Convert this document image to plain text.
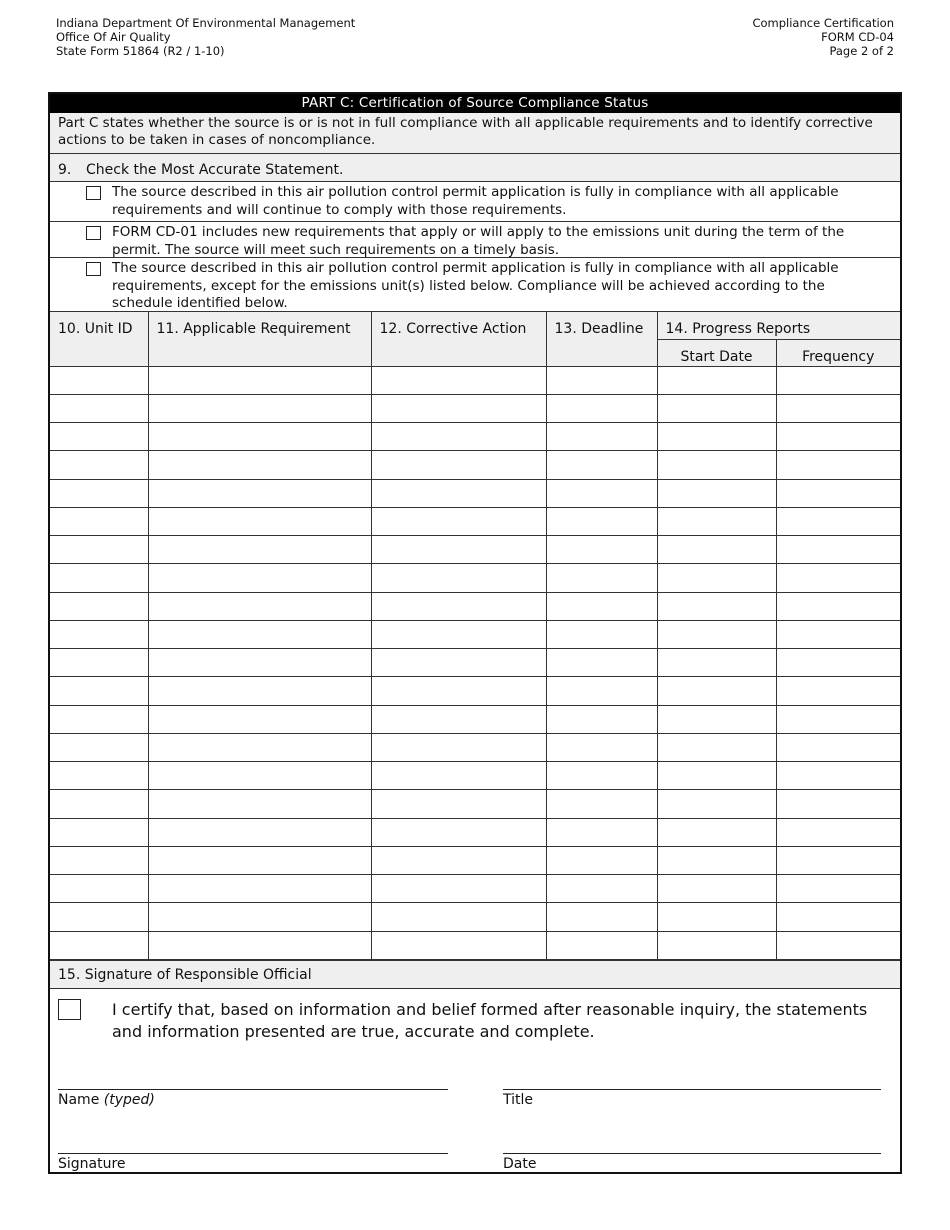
Indiana Department Of Environmental Management
Office Of Air Quality
State Form 51864 (R2 / 1-10)
Compliance Certification
FORM CD-04
Page 2 of 2
PART C: Certification of Source Compliance Status
Part C states whether the source is or is not in full compliance with all applicable requirements and to identify corrective actions to be taken in cases of noncompliance.
9. Check the Most Accurate Statement.
The source described in this air pollution control permit application is fully in compliance with all applicable requirements and will continue to comply with those requirements.
FORM CD-01 includes new requirements that apply or will apply to the emissions unit during the term of the permit. The source will meet such requirements on a timely basis.
The source described in this air pollution control permit application is fully in compliance with all applicable requirements, except for the emissions unit(s) listed below. Compliance will be achieved according to the schedule identified below.
10. Unit ID	11. Applicable Requirement	12. Corrective Action	13. Deadline	14. Progress Reports	
				Start Date	Frequency

15. Signature of Responsible Official
I certify that, based on information and belief formed after reasonable inquiry, the statements and information presented are true, accurate and complete.
Name (typed)	Title
Signature	Date
